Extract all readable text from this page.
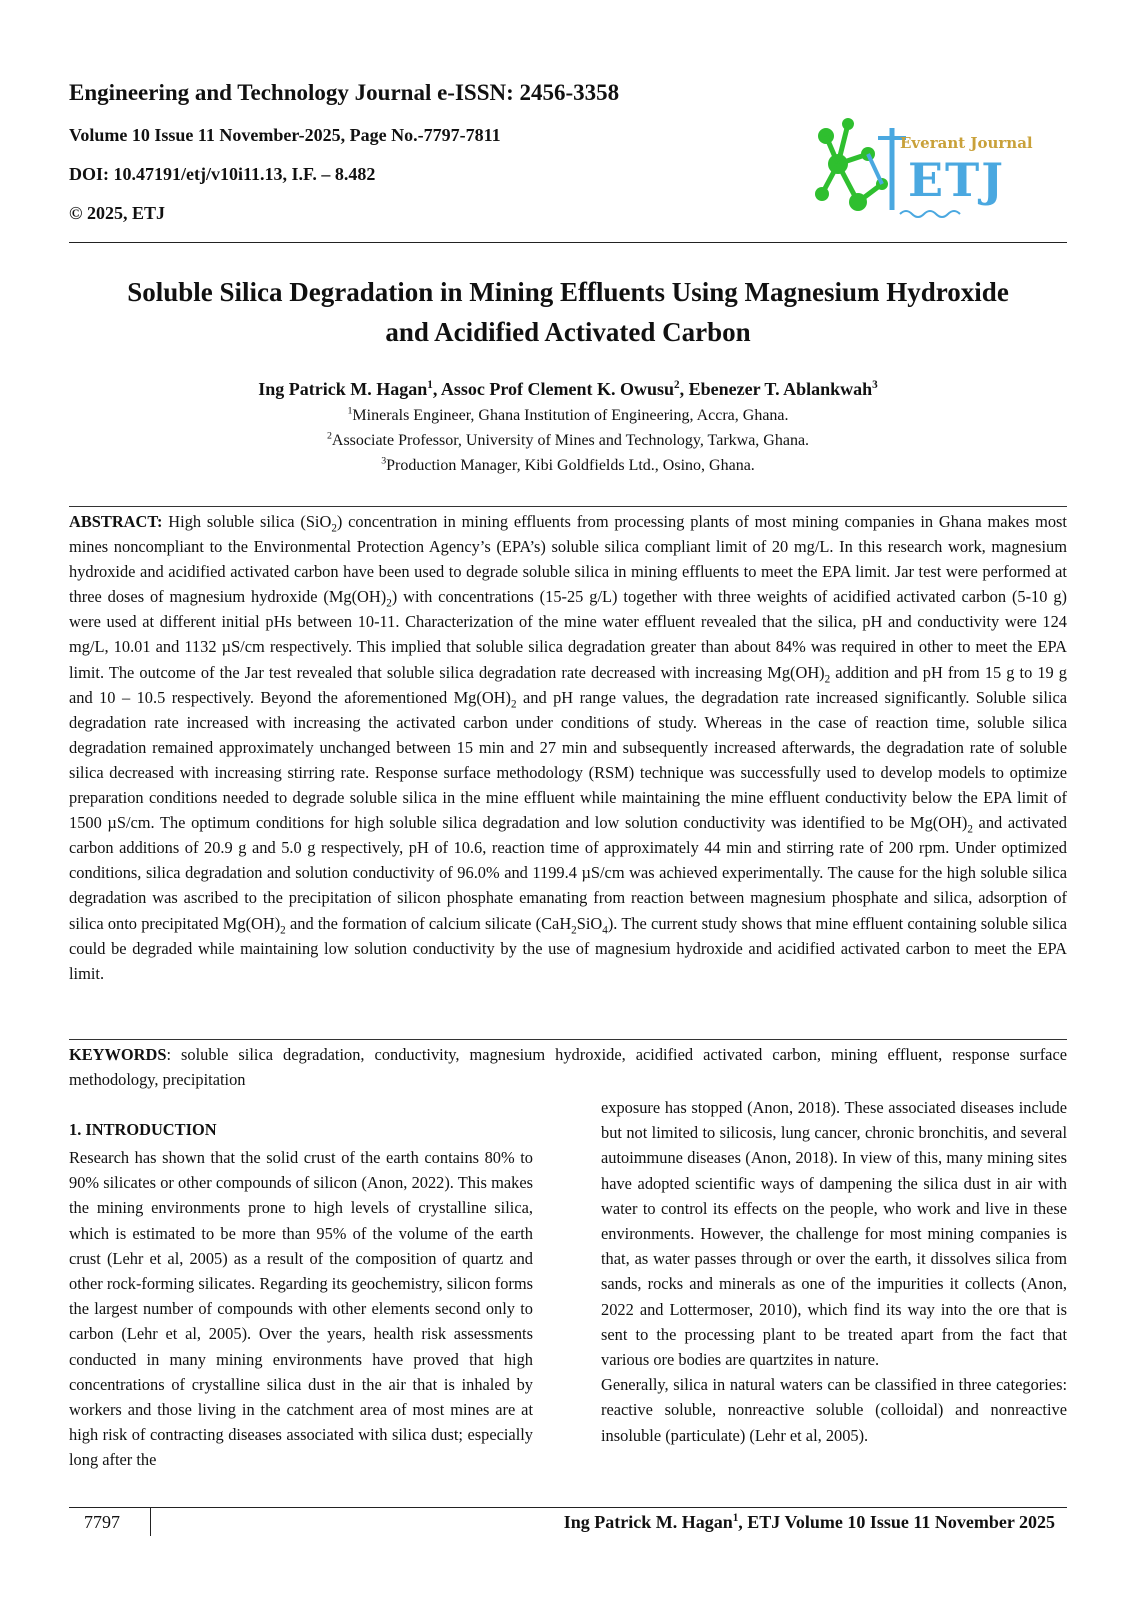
Engineering and Technology Journal e-ISSN: 2456-3358
Volume 10 Issue 11 November-2025, Page No.-7797-7811
DOI: 10.47191/etj/v10i11.13, I.F. – 8.482
© 2025, ETJ
Everant Journal
ETJ
Soluble Silica Degradation in Mining Effluents Using Magnesium Hydroxide
and Acidified Activated Carbon
Ing Patrick M. Hagan$^1$, Assoc Prof Clement K. Owusu$^2$, Ebenezer T. Ablankwah$^3$
$^1$Minerals Engineer, Ghana Institution of Engineering, Accra, Ghana.
$^2$Associate Professor, University of Mines and Technology, Tarkwa, Ghana.
$^3$Production Manager, Kibi Goldfields Ltd., Osino, Ghana.

ABSTRACT: High soluble silica (SiO$_2$) concentration in mining effluents from processing plants of most mining companies in Ghana makes most mines noncompliant to the Environmental Protection Agency’s (EPA’s) soluble silica compliant limit of 20 mg/L. In this research work, magnesium hydroxide and acidified activated carbon have been used to degrade soluble silica in mining effluents to meet the EPA limit. Jar test were performed at three doses of magnesium hydroxide $(Mg(OH)_2)$ with concentrations (15-25 g/L) together with three weights of acidified activated carbon (5-10 g) were used at different initial pHs between 10-11. Characterization of the mine water effluent revealed that the silica, pH and conductivity were 124 mg/L, 10.01 and 1132 µS/cm respectively. This implied that soluble silica degradation greater than about 84% was required in other to meet the EPA limit. The outcome of the Jar test revealed that soluble silica degradation rate decreased with increasing $Mg(OH)_2$ addition and pH from 15 g to 19 g and 10 – 10.5 respectively. Beyond the aforementioned $Mg(OH)_2$ and pH range values, the degradation rate increased significantly. Soluble silica degradation rate increased with increasing the activated carbon under conditions of study. Whereas in the case of reaction time, soluble silica degradation remained approximately unchanged between 15 min and 27 min and subsequently increased afterwards, the degradation rate of soluble silica decreased with increasing stirring rate. Response surface methodology (RSM) technique was successfully used to develop models to optimize preparation conditions needed to degrade soluble silica in the mine effluent while maintaining the mine effluent conductivity below the EPA limit of 1500 µS/cm. The optimum conditions for high soluble silica degradation and low solution conductivity was identified to be $Mg(OH)_2$ and activated carbon additions of 20.9 g and 5.0 g respectively, pH of 10.6, reaction time of approximately 44 min and stirring rate of 200 rpm. Under optimized conditions, silica degradation and solution conductivity of 96.0% and 1199.4 µS/cm was achieved experimentally. The cause for the high soluble silica degradation was ascribed to the precipitation of silicon phosphate emanating from reaction between magnesium phosphate and silica, adsorption of silica onto precipitated $Mg(OH)_2$ and the formation of calcium silicate (CaH$_2$SiO$_4$). The current study shows that mine effluent containing soluble silica could be degraded while maintaining low solution conductivity by the use of magnesium hydroxide and acidified activated carbon to meet the EPA limit.

KEYWORDS: soluble silica degradation, conductivity, magnesium hydroxide, acidified activated carbon, mining effluent, response surface methodology, precipitation

1. INTRODUCTION

Research has shown that the solid crust of the earth contains 80% to 90% silicates or other compounds of silicon (Anon, 2022). This makes the mining environments prone to high levels of crystalline silica, which is estimated to be more than 95% of the volume of the earth crust (Lehr et al, 2005) as a result of the composition of quartz and other rock-forming silicates. Regarding its geochemistry, silicon forms the largest number of compounds with other elements second only to carbon (Lehr et al, 2005). Over the years, health risk assessments conducted in many mining environments have proved that high concentrations of crystalline silica dust in the air that is inhaled by workers and those living in the catchment area of most mines are at high risk of contracting diseases associated with silica dust; especially long after the

exposure has stopped (Anon, 2018). These associated diseases include but not limited to silicosis, lung cancer, chronic bronchitis, and several autoimmune diseases (Anon, 2018). In view of this, many mining sites have adopted scientific ways of dampening the silica dust in air with water to control its effects on the people, who work and live in these environments. However, the challenge for most mining companies is that, as water passes through or over the earth, it dissolves silica from sands, rocks and minerals as one of the impurities it collects (Anon, 2022 and Lottermoser, 2010), which find its way into the ore that is sent to the processing plant to be treated apart from the fact that various ore bodies are quartzites in nature.

Generally, silica in natural waters can be classified in three categories: reactive soluble, nonreactive soluble (colloidal) and nonreactive insoluble (particulate) (Lehr et al, 2005).

7797	Ing Patrick M. Hagan$^1$, ETJ Volume 10 Issue 11 November 2025
